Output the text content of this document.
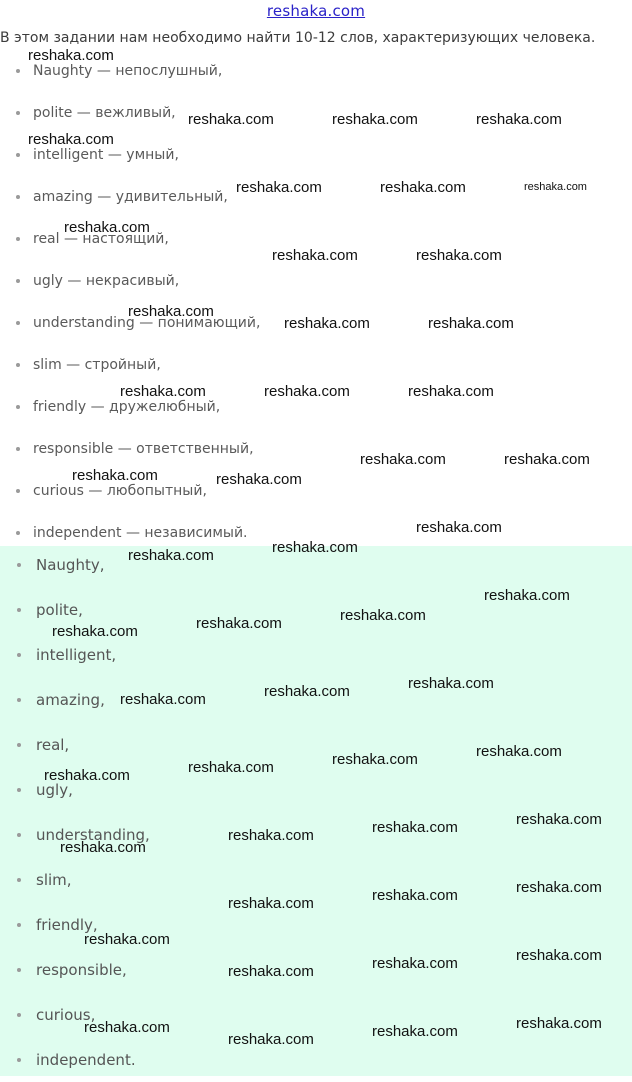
reshaka.com
В этом задании нам необходимо найти 10-12 слов, характеризующих человека.
Naughty — непослушный,
polite — вежливый,
intelligent — умный,
amazing — удивительный,
real — настоящий,
ugly — некрасивый,
understanding — понимающий,
slim — стройный,
friendly — дружелюбный,
responsible — ответственный,
curious — любопытный,
independent — независимый.
Naughty,
polite,
intelligent,
amazing,
real,
ugly,
understanding,
slim,
friendly,
responsible,
curious,
independent.
reshaka.com
reshaka.com	reshaka.com	reshaka.com
reshaka.com
reshaka.com	reshaka.com	reshaka.com
reshaka.com
reshaka.com	reshaka.com
reshaka.com
reshaka.com	reshaka.com
reshaka.com	reshaka.com	reshaka.com
reshaka.com	reshaka.com
reshaka.com	reshaka.com
reshaka.com
reshaka.com
reshaka.com
reshaka.com
reshaka.com
reshaka.com
reshaka.com
reshaka.com
reshaka.com
reshaka.com
reshaka.com
reshaka.com
reshaka.com
reshaka.com
reshaka.com
reshaka.com
reshaka.com
reshaka.com
reshaka.com
reshaka.com
reshaka.com
reshaka.com
reshaka.com
reshaka.com
reshaka.com
reshaka.com
reshaka.com	reshaka.com
reshaka.com
